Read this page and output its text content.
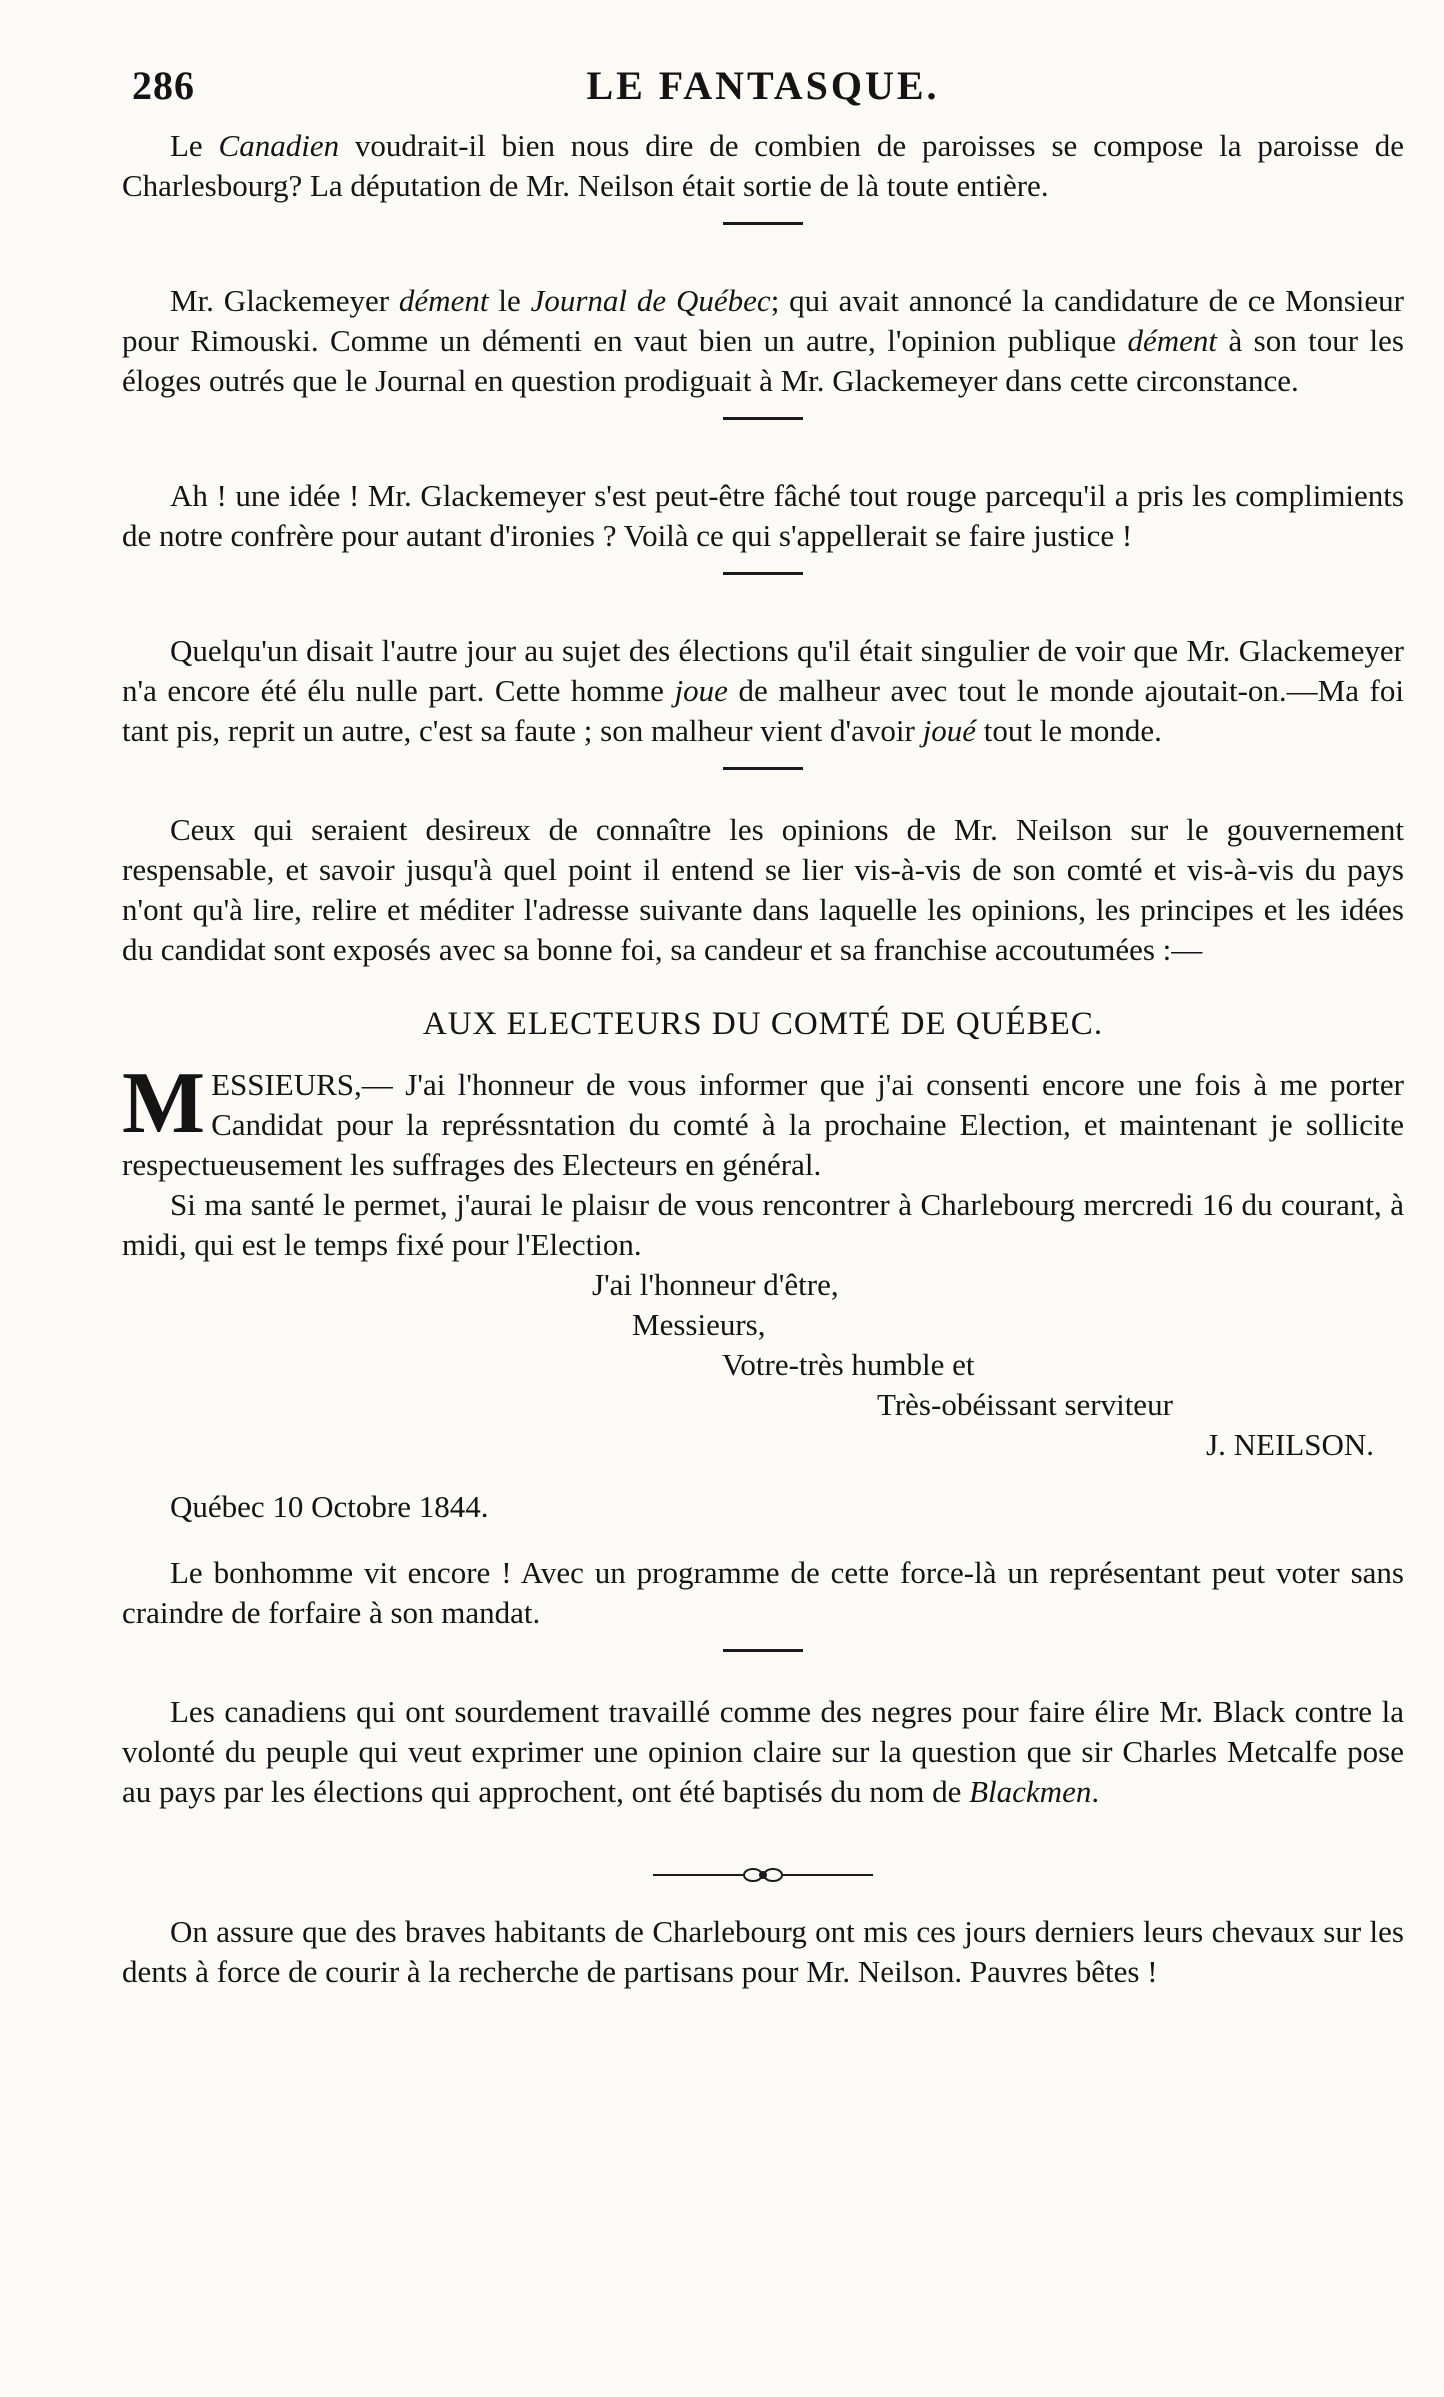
286	LE FANTASQUE.

Le Canadien voudrait-il bien nous dire de combien de paroisses se compose la paroisse de Charlesbourg? La députation de Mr. Neilson était sortie de là toute entière.

Mr. Glackemeyer dément le Journal de Québec; qui avait annoncé la candidature de ce Monsieur pour Rimouski. Comme un démenti en vaut bien un autre, l'opinion publique dément à son tour les éloges outrés que le Journal en question prodiguait à Mr. Glackemeyer dans cette circonstance.

Ah ! une idée ! Mr. Glackemeyer s'est peut-être fâché tout rouge parcequ'il a pris les complimients de notre confrère pour autant d'ironies ? Voilà ce qui s'appellerait se faire justice !

Quelqu'un disait l'autre jour au sujet des élections qu'il était singulier de voir que Mr. Glackemeyer n'a encore été élu nulle part. Cette homme joue de malheur avec tout le monde ajoutait-on.—Ma foi tant pis, reprit un autre, c'est sa faute ; son malheur vient d'avoir joué tout le monde.

Ceux qui seraient desireux de connaître les opinions de Mr. Neilson sur le gouvernement respensable, et savoir jusqu'à quel point il entend se lier vis-à-vis de son comté et vis-à-vis du pays n'ont qu'à lire, relire et méditer l'adresse suivante dans laquelle les opinions, les principes et les idées du candidat sont exposés avec sa bonne foi, sa candeur et sa franchise accoutumées :—

AUX ELECTEURS DU COMTÉ DE QUÉBEC.

MESSIEURS,— J'ai l'honneur de vous informer que j'ai consenti encore une fois à me porter Candidat pour la représsntation du comté à la prochaine Election, et maintenant je sollicite respectueusement les suffrages des Electeurs en général.

Si ma santé le permet, j'aurai le plaisır de vous rencontrer à Charlebourg mercredi 16 du courant, à midi, qui est le temps fixé pour l'Election.

J'ai l'honneur d'être,
Messieurs,
Votre-très humble et
Très-obéissant serviteur
J. NEILSON.
Québec 10 Octobre 1844.

Le bonhomme vit encore ! Avec un programme de cette force-là un représentant peut voter sans craindre de forfaire à son mandat.

Les canadiens qui ont sourdement travaillé comme des negres pour faire élire Mr. Black contre la volonté du peuple qui veut exprimer une opinion claire sur la question que sir Charles Metcalfe pose au pays par les élections qui approchent, ont été baptisés du nom de Blackmen.

On assure que des braves habitants de Charlebourg ont mis ces jours derniers leurs chevaux sur les dents à force de courir à la recherche de partisans pour Mr. Neilson. Pauvres bêtes !
